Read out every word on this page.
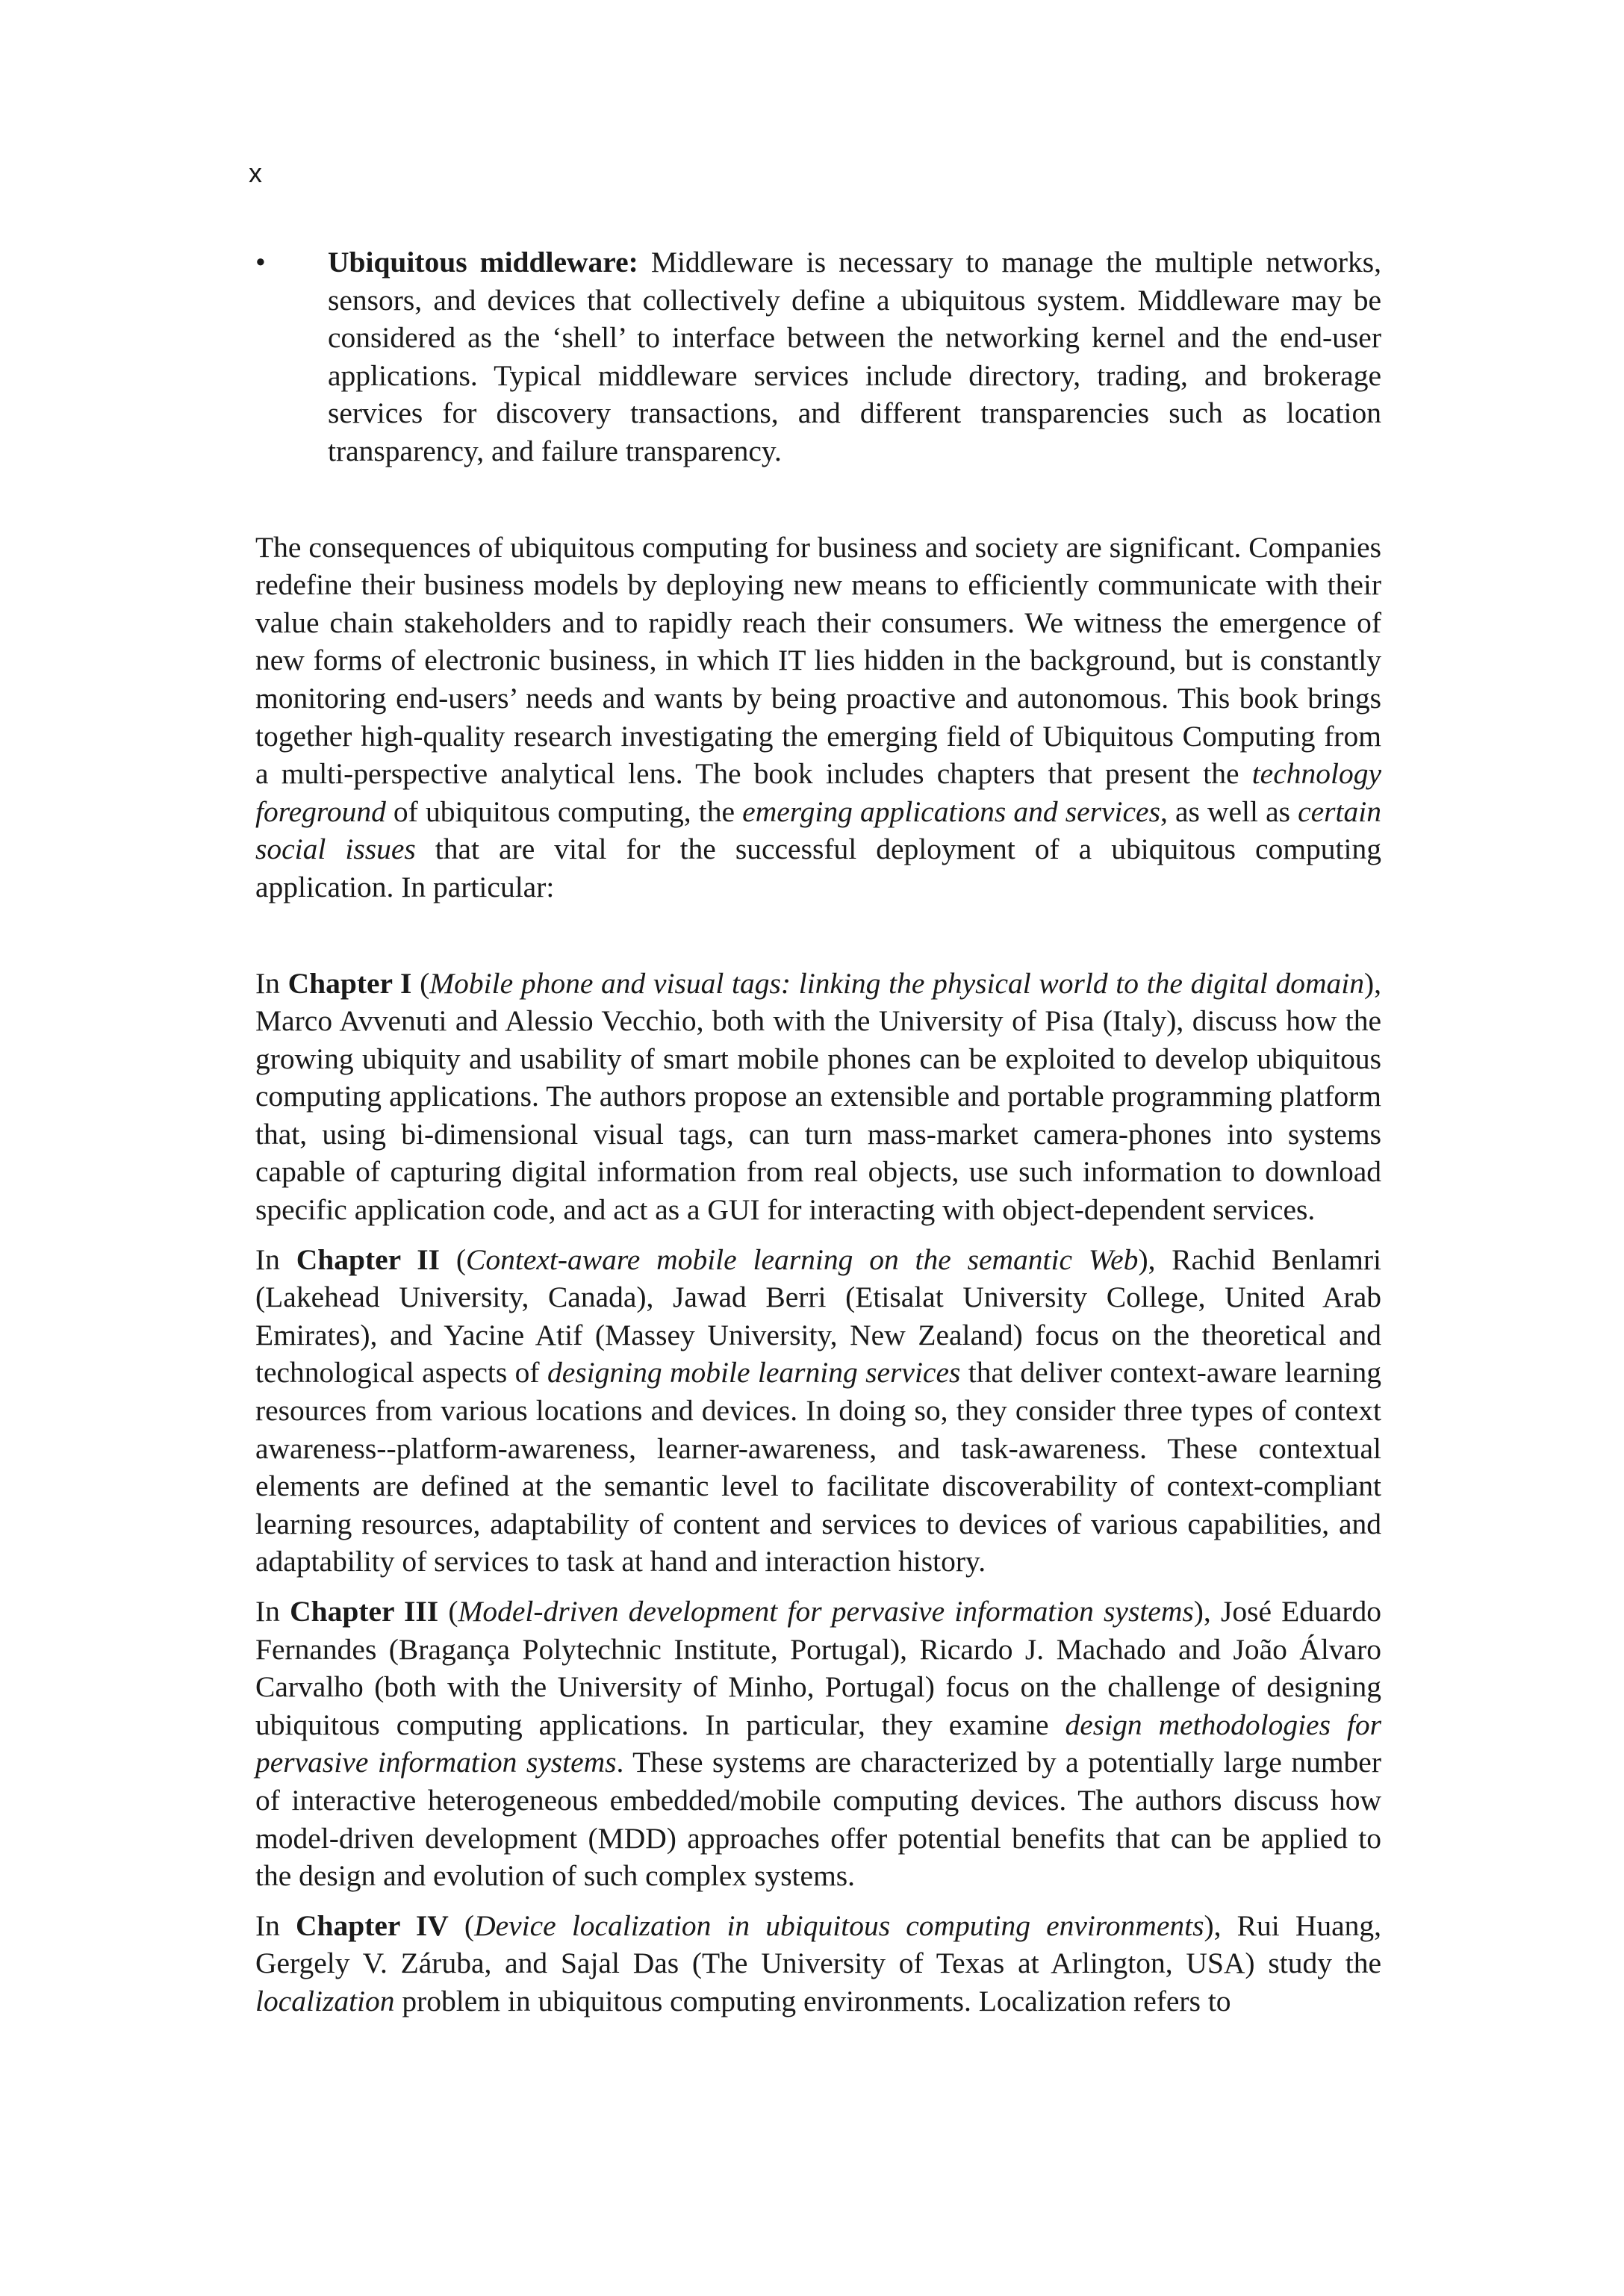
x
• Ubiquitous middleware: Middleware is necessary to manage the multiple networks, sensors, and devices that collectively define a ubiquitous system. Middleware may be considered as the ‘shell’ to interface between the networking kernel and the end-user applications. Typical middleware services include directory, trading, and brokerage services for discovery transactions, and different transparencies such as location transparency, and failure transparency.

The consequences of ubiquitous computing for business and society are significant. Companies redefine their business models by deploying new means to efficiently communicate with their value chain stakeholders and to rapidly reach their consumers. We witness the emergence of new forms of electronic business, in which IT lies hidden in the background, but is constantly monitoring end-users’ needs and wants by being proactive and autonomous. This book brings together high-quality research investigating the emerging field of Ubiquitous Computing from a multi-perspective analytical lens. The book includes chapters that present the technology foreground of ubiquitous computing, the emerging applications and services, as well as certain social issues that are vital for the successful deployment of a ubiquitous computing application. In particular:

In Chapter I (Mobile phone and visual tags: linking the physical world to the digital domain), Marco Avvenuti and Alessio Vecchio, both with the University of Pisa (Italy), discuss how the growing ubiquity and usability of smart mobile phones can be exploited to develop ubiquitous computing applications. The authors propose an extensible and portable programming platform that, using bi-dimensional visual tags, can turn mass-market camera-phones into systems capable of capturing digital information from real objects, use such information to download specific application code, and act as a GUI for interacting with object-dependent services.

In Chapter II (Context-aware mobile learning on the semantic Web), Rachid Benlamri (Lakehead University, Canada), Jawad Berri (Etisalat University College, United Arab Emirates), and Yacine Atif (Massey University, New Zealand) focus on the theoretical and technological aspects of designing mobile learning services that deliver context-aware learning resources from various locations and devices. In doing so, they consider three types of context awareness--platform-awareness, learner-awareness, and task-awareness. These contextual elements are defined at the semantic level to facilitate discoverability of context-compliant learning resources, adaptability of content and services to devices of various capabilities, and adaptability of services to task at hand and interaction history.

In Chapter III (Model-driven development for pervasive information systems), José Eduardo Fernandes (Bragança Polytechnic Institute, Portugal), Ricardo J. Machado and João Álvaro Carvalho (both with the University of Minho, Portugal) focus on the challenge of designing ubiquitous computing applications. In particular, they examine design methodologies for pervasive information systems. These systems are characterized by a potentially large number of interactive heterogeneous embedded/mobile computing devices. The authors discuss how model-driven development (MDD) approaches offer potential benefits that can be applied to the design and evolution of such complex systems.

In Chapter IV (Device localization in ubiquitous computing environments), Rui Huang, Gergely V. Záruba, and Sajal Das (The University of Texas at Arlington, USA) study the localization problem in ubiquitous computing environments. Localization refers to
